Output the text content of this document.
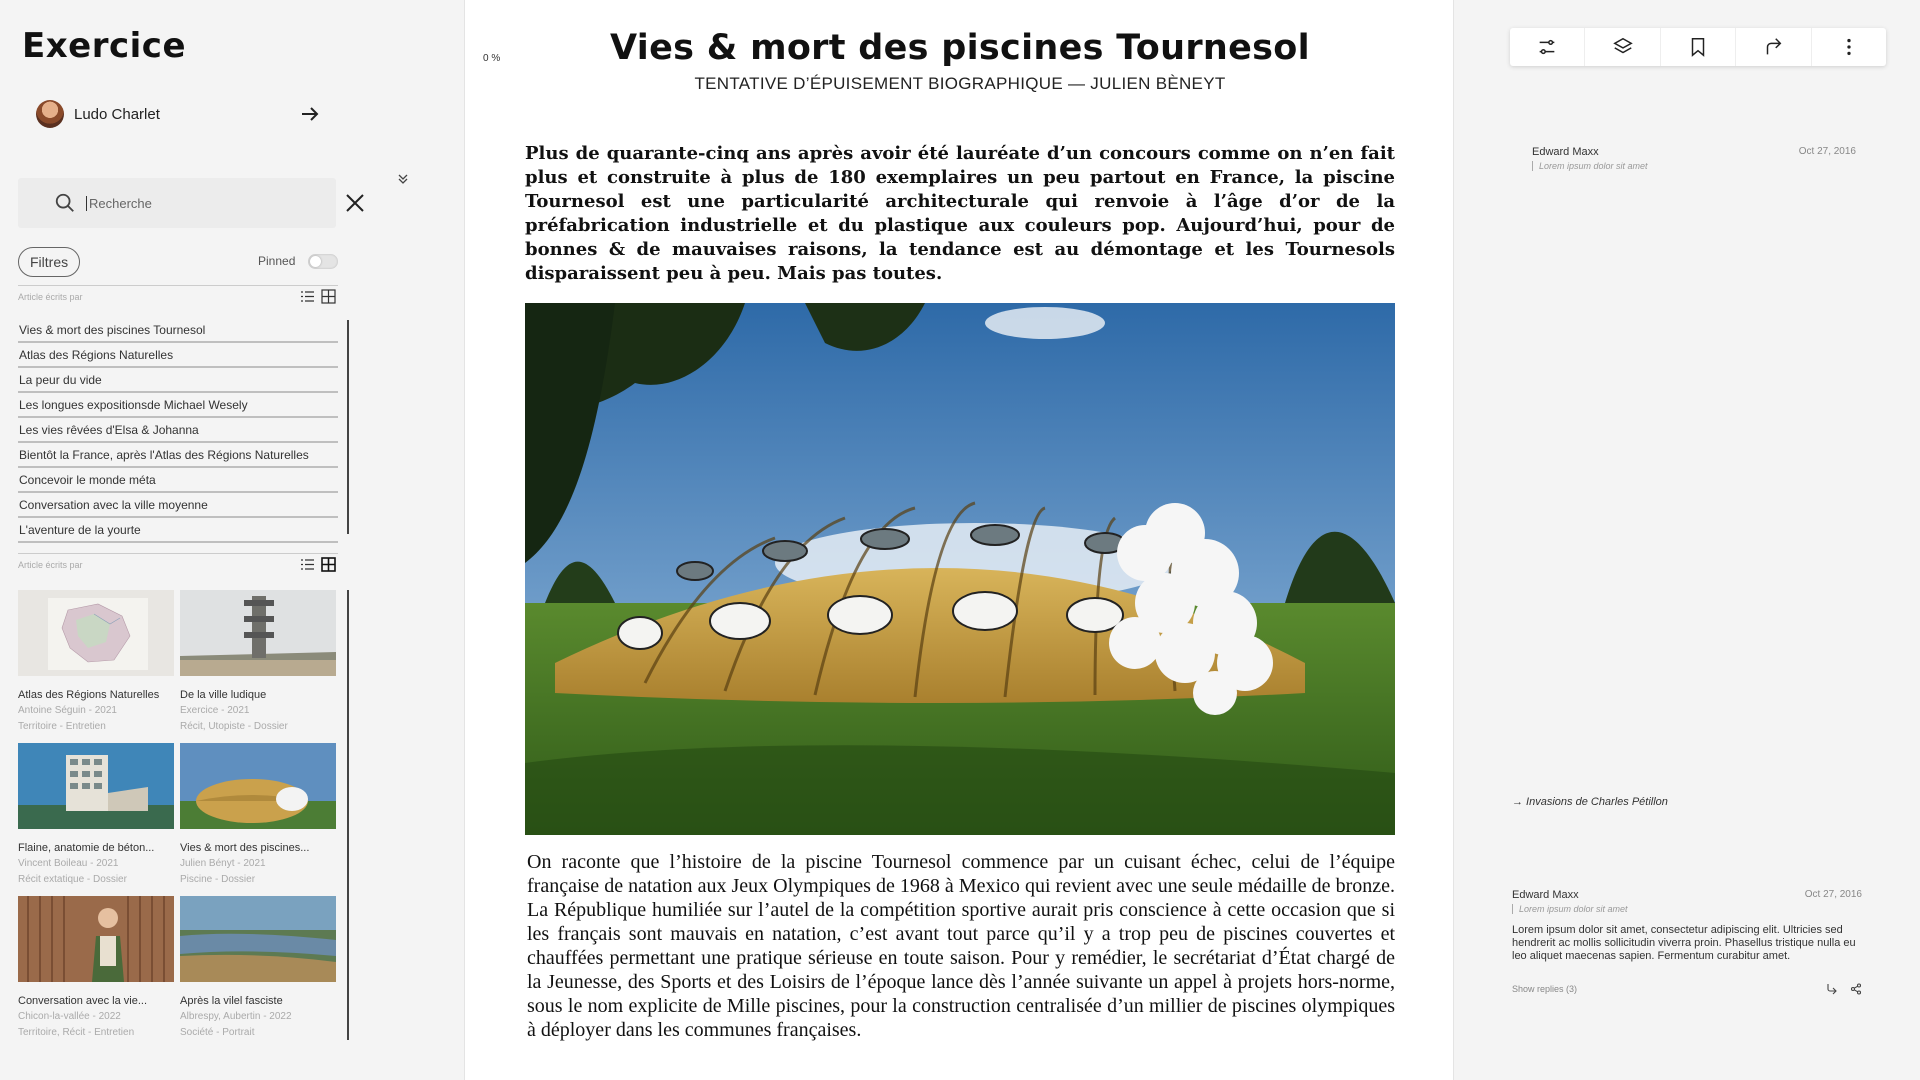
Exercice
Ludo Charlet
Recherche
Filtres	Pinned
Article écrits par
Vies & mort des piscines Tournesol
Atlas des Régions Naturelles
La peur du vide
Les longues expositionsde Michael Wesely
Les vies rêvées d'Elsa & Johanna
Bientôt la France, après l'Atlas des Régions Naturelles
Concevoir le monde méta
Conversation avec la ville moyenne
L'aventure de la yourte
Article écrits par
Atlas des Régions Naturelles
Antoine Séguin - 2021
Territoire - Entretien
De la ville ludique
Exercice - 2021
Récit, Utopiste - Dossier
Flaine, anatomie de béton...
Vincent Boileau - 2021
Récit extatique - Dossier
Vies & mort des piscines...
Julien Bényt - 2021
Piscine - Dossier
Conversation avec la vie...
Chicon-la-vallée - 2022
Territoire, Récit - Entretien
Après la vilel fasciste
Albrespy, Aubertin - 2022
Société - Portrait
0 %	Vies & mort des piscines Tournesol
TENTATIVE D’ÉPUISEMENT BIOGRAPHIQUE — JULIEN BÈNEYT

Plus de quarante-cinq ans après avoir été lauréate d’un concours comme on n’en fait plus et construite à plus de 180 exemplaires un peu partout en France, la piscine Tournesol est une particularité architecturale qui renvoie à l’âge d’or de la préfabrication industrielle et du plastique aux couleurs pop. Aujourd’hui, pour de bonnes & de mauvaises raisons, la tendance est au démontage et les Tournesols disparaissent peu à peu. Mais pas toutes.

On raconte que l’histoire de la piscine Tournesol commence par un cuisant échec, celui de l’équipe française de natation aux Jeux Olympiques de 1968 à Mexico qui revient avec une seule médaille de bronze. La République humiliée sur l’autel de la compétition sportive aurait pris conscience à cette occasion que si les français sont mauvais en natation, c’est avant tout parce qu’il y a trop peu de piscines couvertes et chauffées permettant une pratique sérieuse en toute saison. Pour y remédier, le secrétariat d’État chargé de la Jeunesse, des Sports et des Loisirs de l’époque lance dès l’année suivante un appel à projets hors-norme, sous le nom explicite de Mille piscines, pour la construction centralisée d’un millier de piscines olympiques à déployer dans les communes françaises.

Edward Maxx	Oct 27, 2016
Lorem ipsum dolor sit amet
→ Invasions de Charles Pétillon
Edward Maxx	Oct 27, 2016
Lorem ipsum dolor sit amet
Lorem ipsum dolor sit amet, consectetur adipiscing elit. Ultricies sed hendrerit ac mollis sollicitudin viverra proin. Phasellus tristique nulla eu leo aliquet maecenas sapien. Fermentum curabitur amet.
Show replies (3)
